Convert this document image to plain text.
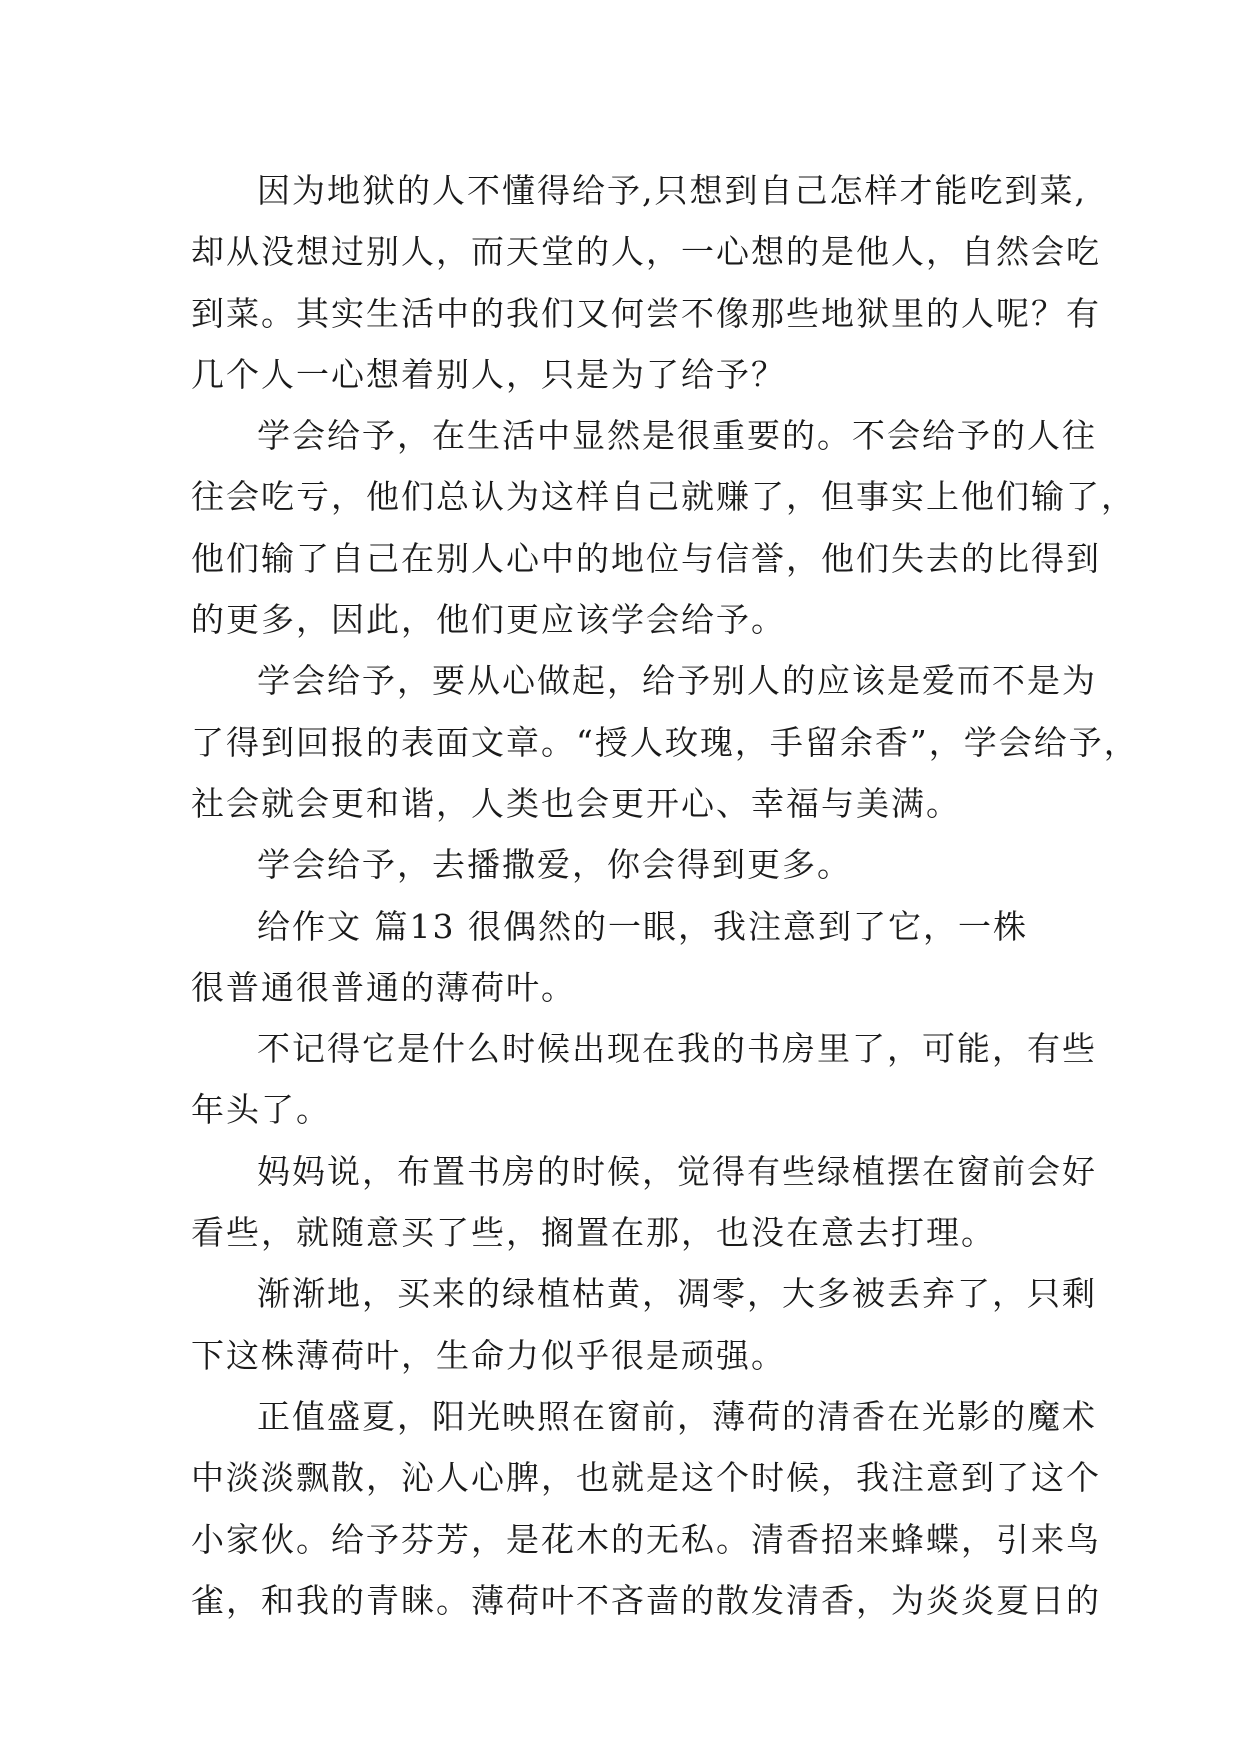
因为地狱的人不懂得给予,只想到自己怎样才能吃到菜,
却从没想过别人，而天堂的人，一心想的是他人，自然会吃
到菜。其实生活中的我们又何尝不像那些地狱里的人呢？有
几个人一心想着别人，只是为了给予？
学会给予，在生活中显然是很重要的。不会给予的人往
往会吃亏，他们总认为这样自己就赚了，但事实上他们输了，
他们输了自己在别人心中的地位与信誉，他们失去的比得到
的更多，因此，他们更应该学会给予。
学会给予，要从心做起，给予别人的应该是爱而不是为
了得到回报的表面文章。“授人玫瑰，手留余香”，学会给予，
社会就会更和谐，人类也会更开心、幸福与美满。
学会给予，去播撒爱，你会得到更多。
给作文 篇13 很偶然的一眼，我注意到了它，一株
很普通很普通的薄荷叶。
不记得它是什么时候出现在我的书房里了，可能，有些
年头了。
妈妈说，布置书房的时候，觉得有些绿植摆在窗前会好
看些，就随意买了些，搁置在那，也没在意去打理。
渐渐地，买来的绿植枯黄，凋零，大多被丢弃了，只剩
下这株薄荷叶，生命力似乎很是顽强。
正值盛夏，阳光映照在窗前，薄荷的清香在光影的魔术
中淡淡飘散，沁人心脾，也就是这个时候，我注意到了这个
小家伙。给予芬芳，是花木的无私。清香招来蜂蝶，引来鸟
雀，和我的青睐。薄荷叶不吝啬的散发清香，为炎炎夏日的
